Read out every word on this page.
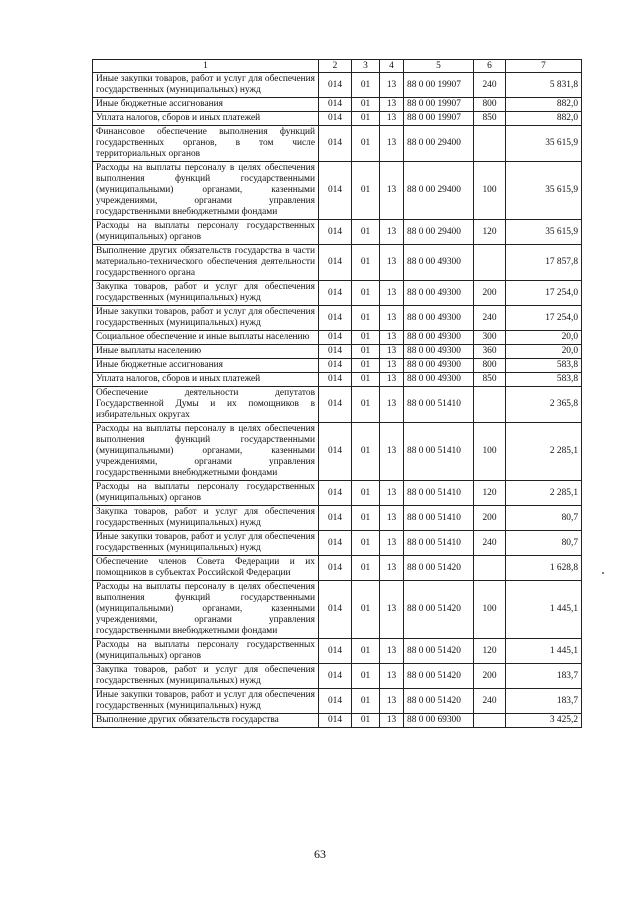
1	2	3	4	5	6	7
Иные закупки товаров, работ и услуг для обеспечения государственных (муниципальных) нужд	014	01	13	88 0 00 19907	240	5 831,8
Иные бюджетные ассигнования	014	01	13	88 0 00 19907	800	882,0
Уплата налогов, сборов и иных платежей	014	01	13	88 0 00 19907	850	882,0
Финансовое обеспечение выполнения функций государственных органов, в том числе территориальных органов	014	01	13	88 0 00 29400		35 615,9
Расходы на выплаты персоналу в целях обеспечения выполнения функций государственными (муниципальными) органами, казенными учреждениями, органами управления государственными внебюджетными фондами	014	01	13	88 0 00 29400	100	35 615,9
Расходы на выплаты персоналу государственных (муниципальных) органов	014	01	13	88 0 00 29400	120	35 615,9
Выполнение других обязательств государства в части материально-технического обеспечения деятельности государственного органа	014	01	13	88 0 00 49300		17 857,8
Закупка товаров, работ и услуг для обеспечения государственных (муниципальных) нужд	014	01	13	88 0 00 49300	200	17 254,0
Иные закупки товаров, работ и услуг для обеспечения государственных (муниципальных) нужд	014	01	13	88 0 00 49300	240	17 254,0
Социальное обеспечение и иные выплаты населению	014	01	13	88 0 00 49300	300	20,0
Иные выплаты населению	014	01	13	88 0 00 49300	360	20,0
Иные бюджетные ассигнования	014	01	13	88 0 00 49300	800	583,8
Уплата налогов, сборов и иных платежей	014	01	13	88 0 00 49300	850	583,8
Обеспечение деятельности депутатов Государственной Думы и их помощников в избирательных округах	014	01	13	88 0 00 51410		2 365,8
Расходы на выплаты персоналу в целях обеспечения выполнения функций государственными (муниципальными) органами, казенными учреждениями, органами управления государственными внебюджетными фондами	014	01	13	88 0 00 51410	100	2 285,1
Расходы на выплаты персоналу государственных (муниципальных) органов	014	01	13	88 0 00 51410	120	2 285,1
Закупка товаров, работ и услуг для обеспечения государственных (муниципальных) нужд	014	01	13	88 0 00 51410	200	80,7
Иные закупки товаров, работ и услуг для обеспечения государственных (муниципальных) нужд	014	01	13	88 0 00 51410	240	80,7
Обеспечение членов Совета Федерации и их помощников в субъектах Российской Федерации	014	01	13	88 0 00 51420		1 628,8
Расходы на выплаты персоналу в целях обеспечения выполнения функций государственными (муниципальными) органами, казенными учреждениями, органами управления государственными внебюджетными фондами	014	01	13	88 0 00 51420	100	1 445,1
Расходы на выплаты персоналу государственных (муниципальных) органов	014	01	13	88 0 00 51420	120	1 445,1
Закупка товаров, работ и услуг для обеспечения государственных (муниципальных) нужд	014	01	13	88 0 00 51420	200	183,7
Иные закупки товаров, работ и услуг для обеспечения государственных (муниципальных) нужд	014	01	13	88 0 00 51420	240	183,7
Выполнение других обязательств государства	014	01	13	88 0 00 69300		3 425,2
63
